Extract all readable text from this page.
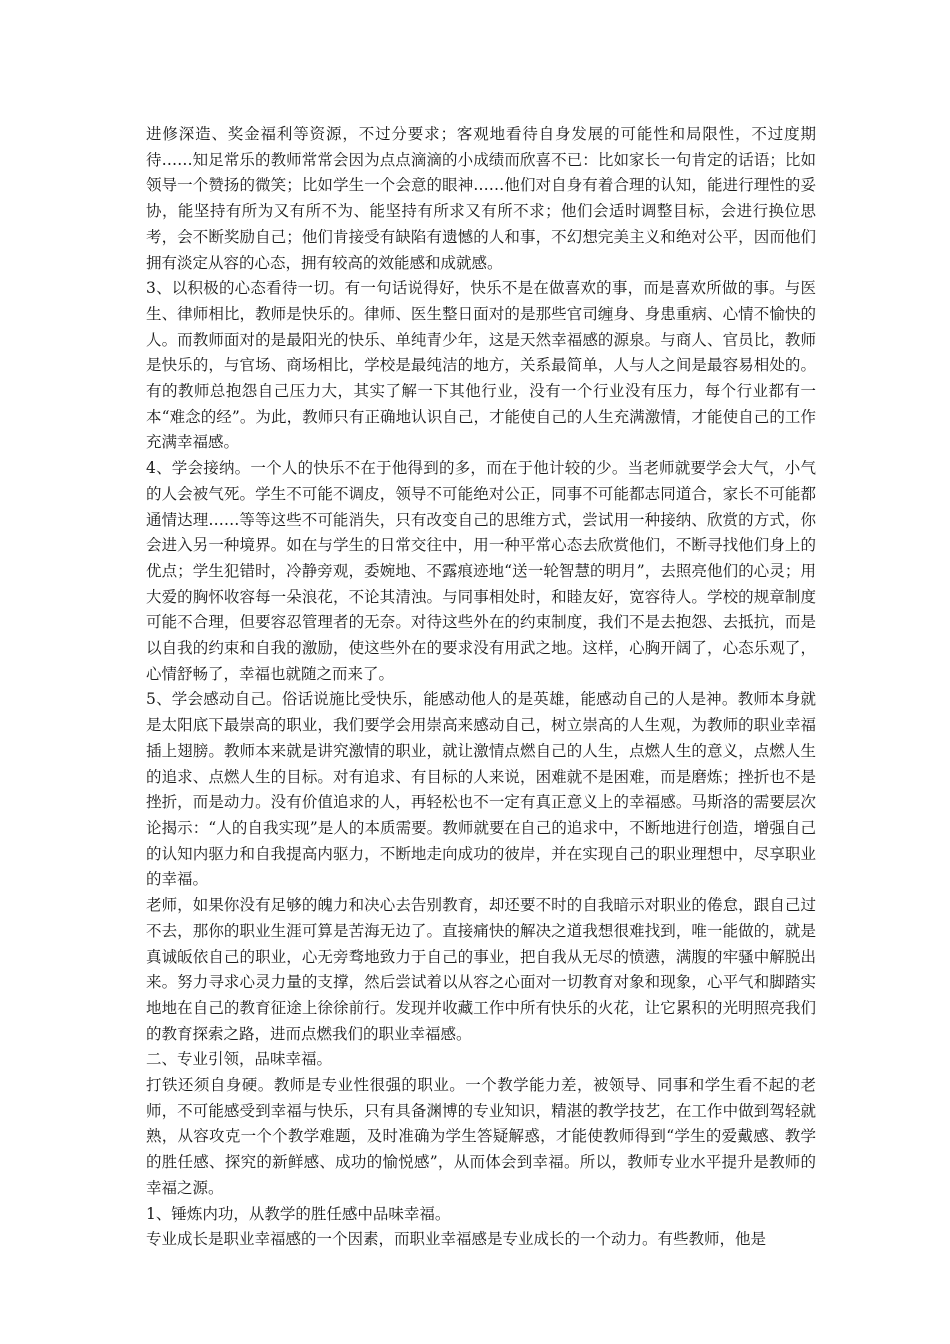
进修深造、奖金福利等资源，不过分要求；客观地看待自身发展的可能性和局限性，不过度期待……知足常乐的教师常常会因为点点滴滴的小成绩而欣喜不已：比如家长一句肯定的话语；比如领导一个赞扬的微笑；比如学生一个会意的眼神……他们对自身有着合理的认知，能进行理性的妥协，能坚持有所为又有所不为、能坚持有所求又有所不求；他们会适时调整目标，会进行换位思考，会不断奖励自己；他们肯接受有缺陷有遗憾的人和事，不幻想完美主义和绝对公平，因而他们拥有淡定从容的心态，拥有较高的效能感和成就感。

3、以积极的心态看待一切。有一句话说得好，快乐不是在做喜欢的事，而是喜欢所做的事。与医生、律师相比，教师是快乐的。律师、医生整日面对的是那些官司缠身、身患重病、心情不愉快的人。而教师面对的是最阳光的快乐、单纯青少年，这是天然幸福感的源泉。与商人、官员比，教师是快乐的，与官场、商场相比，学校是最纯洁的地方，关系最简单，人与人之间是最容易相处的。有的教师总抱怨自己压力大，其实了解一下其他行业，没有一个行业没有压力，每个行业都有一本“难念的经”。为此，教师只有正确地认识自己，才能使自己的人生充满激情，才能使自己的工作充满幸福感。

4、学会接纳。一个人的快乐不在于他得到的多，而在于他计较的少。当老师就要学会大气，小气的人会被气死。学生不可能不调皮，领导不可能绝对公正，同事不可能都志同道合，家长不可能都通情达理……等等这些不可能消失，只有改变自己的思维方式，尝试用一种接纳、欣赏的方式，你会进入另一种境界。如在与学生的日常交往中，用一种平常心态去欣赏他们，不断寻找他们身上的优点；学生犯错时，冷静旁观，委婉地、不露痕迹地“送一轮智慧的明月”，去照亮他们的心灵；用大爱的胸怀收容每一朵浪花，不论其清浊。与同事相处时，和睦友好，宽容待人。学校的规章制度可能不合理，但要容忍管理者的无奈。对待这些外在的约束制度，我们不是去抱怨、去抵抗，而是以自我的约束和自我的激励，使这些外在的要求没有用武之地。这样，心胸开阔了，心态乐观了，心情舒畅了，幸福也就随之而来了。

5、学会感动自己。俗话说施比受快乐，能感动他人的是英雄，能感动自己的人是神。教师本身就是太阳底下最崇高的职业，我们要学会用崇高来感动自己，树立崇高的人生观，为教师的职业幸福插上翅膀。教师本来就是讲究激情的职业，就让激情点燃自己的人生，点燃人生的意义，点燃人生的追求、点燃人生的目标。对有追求、有目标的人来说，困难就不是困难，而是磨炼；挫折也不是挫折，而是动力。没有价值追求的人，再轻松也不一定有真正意义上的幸福感。马斯洛的需要层次论揭示：“人的自我实现”是人的本质需要。教师就要在自己的追求中，不断地进行创造，增强自己的认知内驱力和自我提高内驱力，不断地走向成功的彼岸，并在实现自己的职业理想中，尽享职业的幸福。

老师，如果你没有足够的魄力和决心去告别教育，却还要不时的自我暗示对职业的倦怠，跟自己过不去，那你的职业生涯可算是苦海无边了。直接痛快的解决之道我想很难找到，唯一能做的，就是真诚皈依自己的职业，心无旁骛地致力于自己的事业，把自我从无尽的愤懑，满腹的牢骚中解脱出来。努力寻求心灵力量的支撑，然后尝试着以从容之心面对一切教育对象和现象，心平气和脚踏实地地在自己的教育征途上徐徐前行。发现并收藏工作中所有快乐的火花，让它累积的光明照亮我们的教育探索之路，进而点燃我们的职业幸福感。

二、专业引领，品味幸福。

打铁还须自身硬。教师是专业性很强的职业。一个教学能力差，被领导、同事和学生看不起的老师，不可能感受到幸福与快乐，只有具备渊博的专业知识，精湛的教学技艺，在工作中做到驾轻就熟，从容攻克一个个教学难题，及时准确为学生答疑解惑，才能使教师得到“学生的爱戴感、教学的胜任感、探究的新鲜感、成功的愉悦感”，从而体会到幸福。所以，教师专业水平提升是教师的幸福之源。

1、锤炼内功，从教学的胜任感中品味幸福。

专业成长是职业幸福感的一个因素，而职业幸福感是专业成长的一个动力。有些教师，他是
